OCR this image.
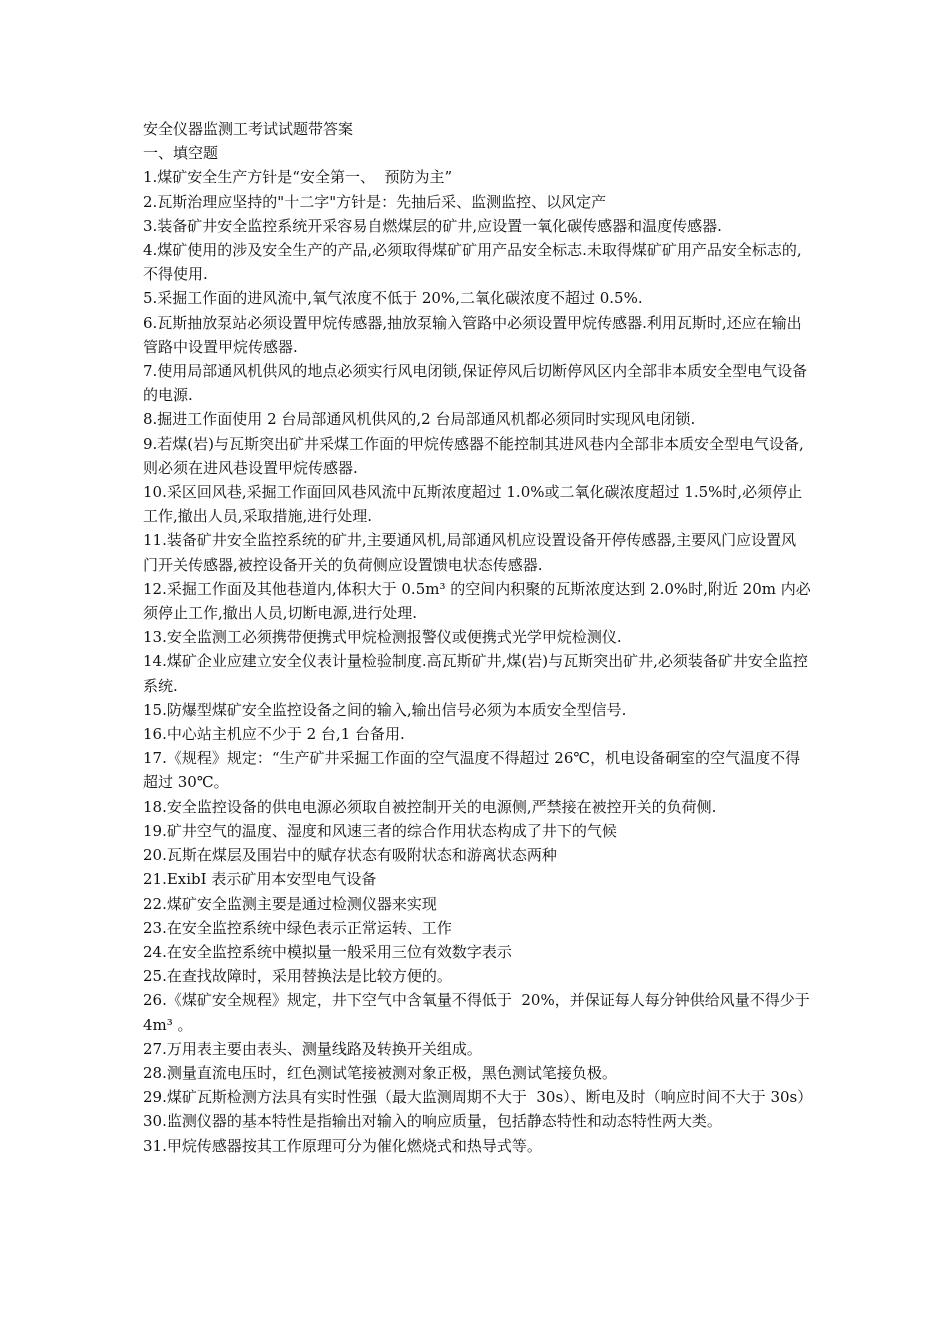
安全仪器监测工考试试题带答案

一、填空题

1.煤矿安全生产方针是“安全第一、  预防为主”

2.瓦斯治理应坚持的"十二字"方针是：先抽后采、监测监控、以风定产

3.装备矿井安全监控系统开采容易自燃煤层的矿井,应设置一氧化碳传感器和温度传感器.

4.煤矿使用的涉及安全生产的产品,必须取得煤矿矿用产品安全标志.未取得煤矿矿用产品安全标志的,不得使用.

5.采掘工作面的进风流中,氧气浓度不低于 20%,二氧化碳浓度不超过 0.5%.

6.瓦斯抽放泵站必须设置甲烷传感器,抽放泵输入管路中必须设置甲烷传感器.利用瓦斯时,还应在输出管路中设置甲烷传感器.

7.使用局部通风机供风的地点必须实行风电闭锁,保证停风后切断停风区内全部非本质安全型电气设备的电源.

8.掘进工作面使用 2 台局部通风机供风的,2 台局部通风机都必须同时实现风电闭锁.

9.若煤(岩)与瓦斯突出矿井采煤工作面的甲烷传感器不能控制其进风巷内全部非本质安全型电气设备,则必须在进风巷设置甲烷传感器.

10.采区回风巷,采掘工作面回风巷风流中瓦斯浓度超过 1.0%或二氧化碳浓度超过 1.5%时,必须停止工作,撤出人员,采取措施,进行处理.

11.装备矿井安全监控系统的矿井,主要通风机,局部通风机应设置设备开停传感器,主要风门应设置风门开关传感器,被控设备开关的负荷侧应设置馈电状态传感器.

12.采掘工作面及其他巷道内,体积大于 0.5m³ 的空间内积聚的瓦斯浓度达到 2.0%时,附近 20m 内必须停止工作,撤出人员,切断电源,进行处理.

13.安全监测工必须携带便携式甲烷检测报警仪或便携式光学甲烷检测仪.

14.煤矿企业应建立安全仪表计量检验制度.高瓦斯矿井,煤(岩)与瓦斯突出矿井,必须装备矿井安全监控系统.

15.防爆型煤矿安全监控设备之间的输入,输出信号必须为本质安全型信号.

16.中心站主机应不少于 2 台,1 台备用.

17.《规程》规定：“生产矿井采掘工作面的空气温度不得超过 26℃，机电设备硐室的空气温度不得超过 30℃。

18.安全监控设备的供电电源必须取自被控制开关的电源侧,严禁接在被控开关的负荷侧.

19.矿井空气的温度、湿度和风速三者的综合作用状态构成了井下的气候

20.瓦斯在煤层及围岩中的赋存状态有吸附状态和游离状态两种

21.ExibI 表示矿用本安型电气设备

22.煤矿安全监测主要是通过检测仪器来实现

23.在安全监控系统中绿色表示正常运转、工作

24.在安全监控系统中模拟量一般采用三位有效数字表示

25.在查找故障时，采用替换法是比较方便的。

26.《煤矿安全规程》规定，井下空气中含氧量不得低于  20%，并保证每人每分钟供给风量不得少于 4m³ 。

27.万用表主要由表头、测量线路及转换开关组成。

28.测量直流电压时，红色测试笔接被测对象正极，黑色测试笔接负极。

29.煤矿瓦斯检测方法具有实时性强（最大监测周期不大于  30s）、断电及时（响应时间不大于 30s）

30.监测仪器的基本特性是指输出对输入的响应质量，包括静态特性和动态特性两大类。

31.甲烷传感器按其工作原理可分为催化燃烧式和热导式等。
